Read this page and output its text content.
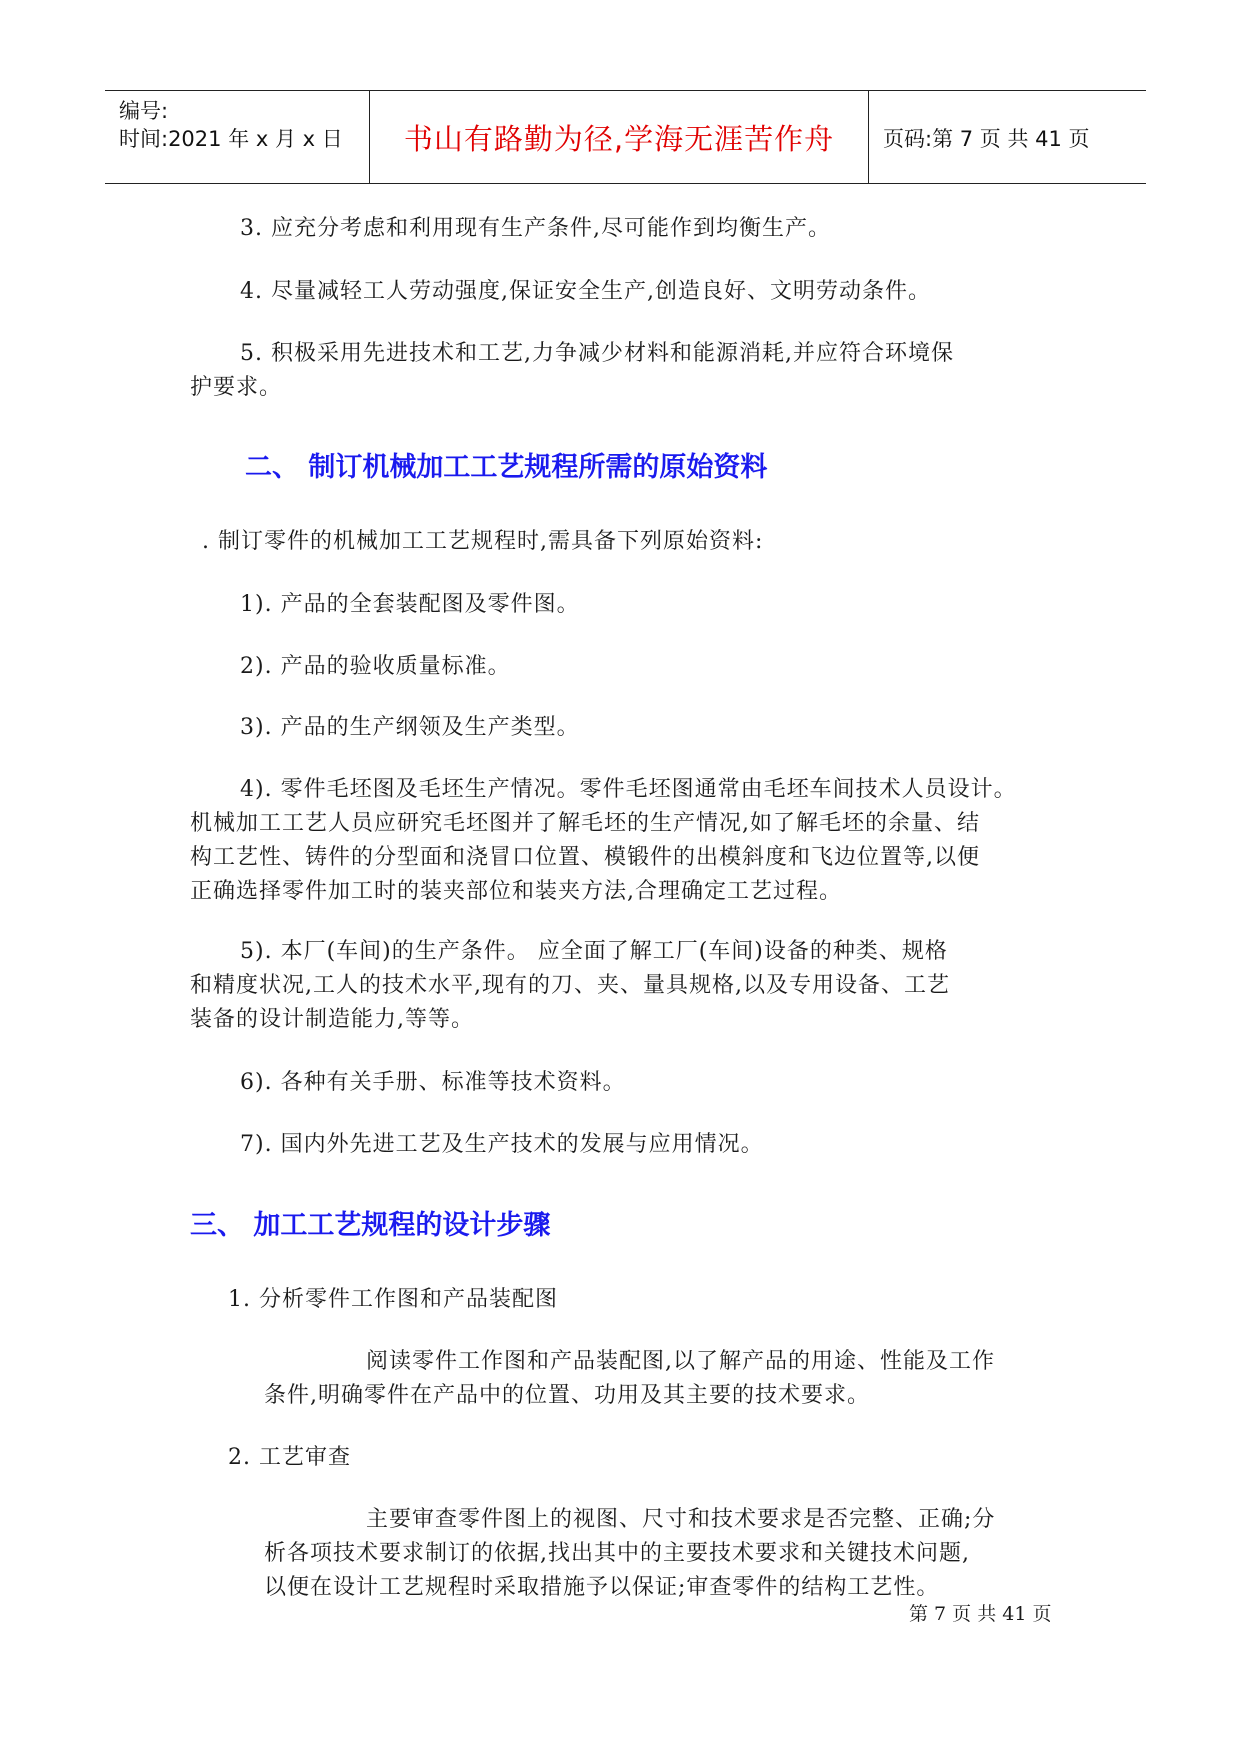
编号:
时间:2021 年 x 月 x 日	书山有路勤为径,学海无涯苦作舟	页码:第 7 页 共 41 页
3. 应充分考虑和利用现有生产条件,尽可能作到均衡生产。
4. 尽量减轻工人劳动强度,保证安全生产,创造良好、文明劳动条件。
5. 积极采用先进技术和工艺,力争减少材料和能源消耗,并应符合环境保
护要求。
二、 制订机械加工工艺规程所需的原始资料
. 制订零件的机械加工工艺规程时,需具备下列原始资料:
1). 产品的全套装配图及零件图。
2). 产品的验收质量标准。
3). 产品的生产纲领及生产类型。
4). 零件毛坯图及毛坯生产情况。零件毛坯图通常由毛坯车间技术人员设计。
机械加工工艺人员应研究毛坯图并了解毛坯的生产情况,如了解毛坯的余量、结
构工艺性、铸件的分型面和浇冒口位置、模锻件的出模斜度和飞边位置等,以便
正确选择零件加工时的装夹部位和装夹方法,合理确定工艺过程。
5). 本厂(车间)的生产条件。 应全面了解工厂(车间)设备的种类、规格
和精度状况,工人的技术水平,现有的刀、夹、量具规格,以及专用设备、工艺
装备的设计制造能力,等等。
6). 各种有关手册、标准等技术资料。
7). 国内外先进工艺及生产技术的发展与应用情况。
三、 加工工艺规程的设计步骤
1. 分析零件工作图和产品装配图
阅读零件工作图和产品装配图,以了解产品的用途、性能及工作
条件,明确零件在产品中的位置、功用及其主要的技术要求。
2. 工艺审查
主要审查零件图上的视图、尺寸和技术要求是否完整、正确;分
析各项技术要求制订的依据,找出其中的主要技术要求和关键技术问题,
以便在设计工艺规程时采取措施予以保证;审查零件的结构工艺性。
第 7 页 共 41 页
